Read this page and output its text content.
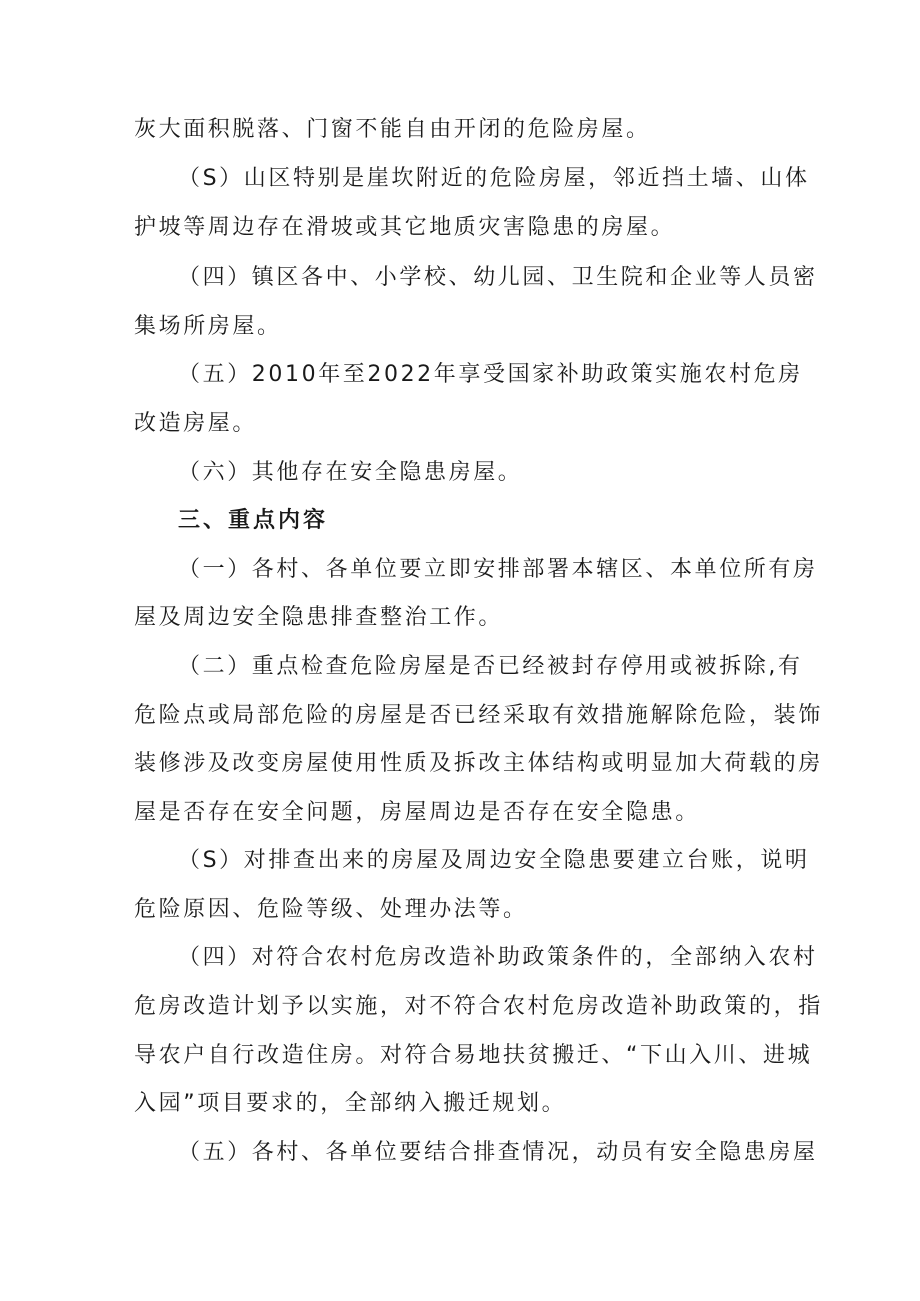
灰大面积脱落、门窗不能自由开闭的危险房屋。
（S）山区特别是崖坎附近的危险房屋，邻近挡土墙、山体
护坡等周边存在滑坡或其它地质灾害隐患的房屋。
（四）镇区各中、小学校、幼儿园、卫生院和企业等人员密
集场所房屋。
（五）2010年至2022年享受国家补助政策实施农村危房
改造房屋。
（六）其他存在安全隐患房屋。
三、重点内容
（一）各村、各单位要立即安排部署本辖区、本单位所有房
屋及周边安全隐患排查整治工作。
（二）重点检查危险房屋是否已经被封存停用或被拆除,有
危险点或局部危险的房屋是否已经采取有效措施解除危险，装饰
装修涉及改变房屋使用性质及拆改主体结构或明显加大荷载的房
屋是否存在安全问题，房屋周边是否存在安全隐患。
（S）对排查出来的房屋及周边安全隐患要建立台账，说明
危险原因、危险等级、处理办法等。
（四）对符合农村危房改造补助政策条件的，全部纳入农村
危房改造计划予以实施，对不符合农村危房改造补助政策的，指
导农户自行改造住房。对符合易地扶贫搬迁、“下山入川、进城
入园”项目要求的，全部纳入搬迁规划。
（五）各村、各单位要结合排查情况，动员有安全隐患房屋
